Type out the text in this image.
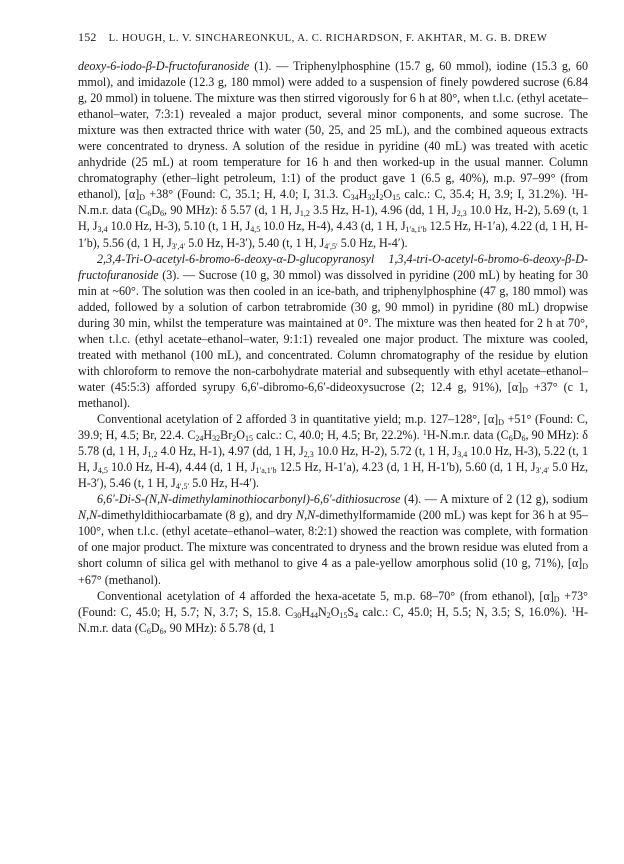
152 L. HOUGH, L. V. SINCHAREONKUL, A. C. RICHARDSON, F. AKHTAR, M. G. B. DREW

deoxy-6-iodo-β-D-fructofuranoside (1). — Triphenylphosphine (15.7 g, 60 mmol), iodine (15.3 g, 60 mmol), and imidazole (12.3 g, 180 mmol) were added to a suspension of finely powdered sucrose (6.84 g, 20 mmol) in toluene. The mixture was then stirred vigorously for 6 h at 80°, when t.l.c. (ethyl acetate–ethanol–water, 7:3:1) revealed a major product, several minor components, and some sucrose. The mixture was then extracted thrice with water (50, 25, and 25 mL), and the combined aqueous extracts were concentrated to dryness. A solution of the residue in pyridine (40 mL) was treated with acetic anhydride (25 mL) at room temperature for 16 h and then worked-up in the usual manner. Column chromatography (ether–light petroleum, 1:1) of the product gave 1 (6.5 g, 40%), m.p. 97–99° (from ethanol), $[\alpha]_D +38^\circ$ (Found: C, 35.1; H, 4.0; I, 31.3. $C_{34}H_{32}I_2O_{15}$ calc.: C, 35.4; H, 3.9; I, 31.2%). $^1$H-N.m.r. data ($C_6D_6$, 90 MHz): δ 5.57 (d, 1 H, $J_{1,2}$ 3.5 Hz, H-1), 4.96 (dd, 1 H, $J_{2,3}$ 10.0 Hz, H-2), 5.69 (t, 1 H, $J_{3,4}$ 10.0 Hz, H-3), 5.10 (t, 1 H, $J_{4,5}$ 10.0 Hz, H-4), 4.43 (d, 1 H, $J_{1'a,1'b}$ 12.5 Hz, H-1′a), 4.22 (d, 1 H, H-1′b), 5.56 (d, 1 H, $J_{3',4'}$ 5.0 Hz, H-3′), 5.40 (t, 1 H, $J_{4',5'}$ 5.0 Hz, H-4′).

2,3,4-Tri-O-acetyl-6-bromo-6-deoxy-α-D-glucopyranosyl 1,3,4-tri-O-acetyl-6-bromo-6-deoxy-β-D-fructofuranoside (3). — Sucrose (10 g, 30 mmol) was dissolved in pyridine (200 mL) by heating for 30 min at ~60°. The solution was then cooled in an ice-bath, and triphenylphosphine (47 g, 180 mmol) was added, followed by a solution of carbon tetrabromide (30 g, 90 mmol) in pyridine (80 mL) dropwise during 30 min, whilst the temperature was maintained at 0°. The mixture was then heated for 2 h at 70°, when t.l.c. (ethyl acetate–ethanol–water, 9:1:1) revealed one major product. The mixture was cooled, treated with methanol (100 mL), and concentrated. Column chromatography of the residue by elution with chloroform to remove the non-carbohydrate material and subsequently with ethyl acetate–ethanol–water (45:5:3) afforded syrupy 6,6′-dibromo-6,6′-dideoxysucrose (2; 12.4 g, 91%), $[\alpha]_D +37^\circ$ (c 1, methanol).

Conventional acetylation of 2 afforded 3 in quantitative yield; m.p. 127–128°, $[\alpha]_D +51^\circ$ (Found: C, 39.9; H, 4.5; Br, 22.4. $C_{24}H_{32}Br_2O_{15}$ calc.: C, 40.0; H, 4.5; Br, 22.2%). $^1$H-N.m.r. data ($C_6D_6$, 90 MHz): δ 5.78 (d, 1 H, $J_{1,2}$ 4.0 Hz, H-1), 4.97 (dd, 1 H, $J_{2,3}$ 10.0 Hz, H-2), 5.72 (t, 1 H, $J_{3,4}$ 10.0 Hz, H-3), 5.22 (t, 1 H, $J_{4,5}$ 10.0 Hz, H-4), 4.44 (d, 1 H, $J_{1'a,1'b}$ 12.5 Hz, H-1′a), 4.23 (d, 1 H, H-1′b), 5.60 (d, 1 H, $J_{3',4'}$ 5.0 Hz, H-3′), 5.46 (t, 1 H, $J_{4',5'}$ 5.0 Hz, H-4′).

6,6′-Di-S-(N,N-dimethylaminothiocarbonyl)-6,6′-dithiosucrose (4). — A mixture of 2 (12 g), sodium N,N-dimethyldithiocarbamate (8 g), and dry N,N-dimethylformamide (200 mL) was kept for 36 h at 95–100°, when t.l.c. (ethyl acetate–ethanol–water, 8:2:1) showed the reaction was complete, with formation of one major product. The mixture was concentrated to dryness and the brown residue was eluted from a short column of silica gel with methanol to give 4 as a pale-yellow amorphous solid (10 g, 71%), $[\alpha]_D +67^\circ$ (methanol).

Conventional acetylation of 4 afforded the hexa-acetate 5, m.p. 68–70° (from ethanol), $[\alpha]_D +73^\circ$ (Found: C, 45.0; H, 5.7; N, 3.7; S, 15.8. $C_{30}H_{44}N_2O_{15}S_4$ calc.: C, 45.0; H, 5.5; N, 3.5; S, 16.0%). $^1$H-N.m.r. data ($C_6D_6$, 90 MHz): δ 5.78 (d, 1
